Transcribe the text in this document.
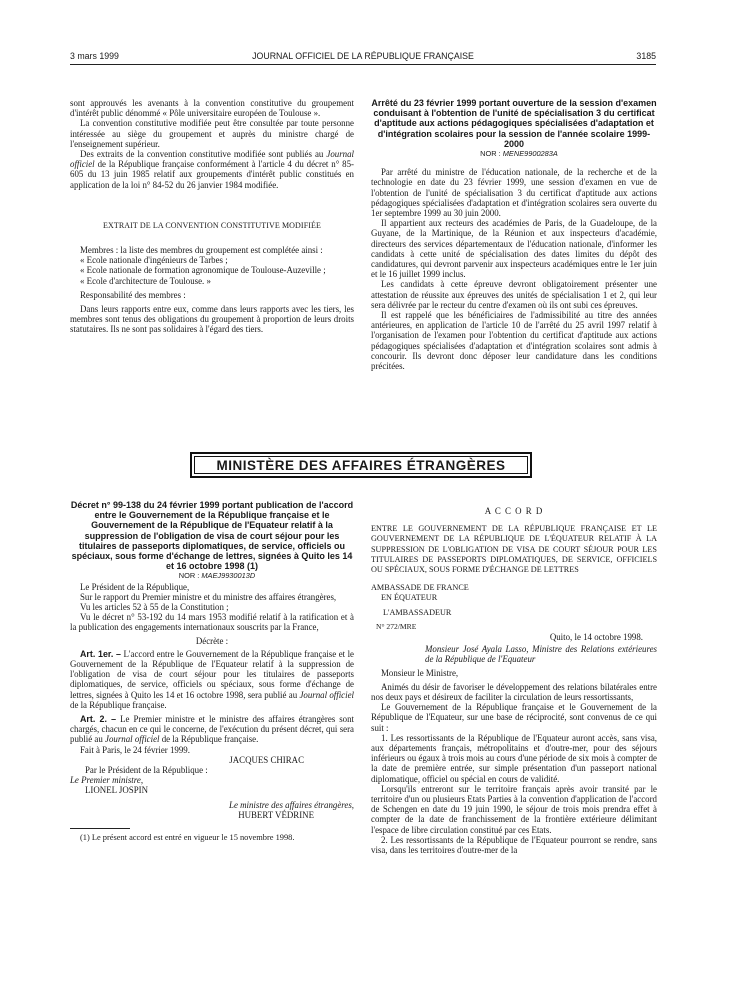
3 mars 1999	JOURNAL OFFICIEL DE LA RÉPUBLIQUE FRANÇAISE	3185

sont approuvés les avenants à la convention constitutive du groupement d'intérêt public dénommé « Pôle universitaire européen de Toulouse ».

La convention constitutive modifiée peut être consultée par toute personne intéressée au siège du groupement et auprès du ministre chargé de l'enseignement supérieur.

Des extraits de la convention constitutive modifiée sont publiés au Journal officiel de la République française conformément à l'article 4 du décret n° 85-605 du 13 juin 1985 relatif aux groupements d'intérêt public constitués en application de la loi n° 84-52 du 26 janvier 1984 modifiée.

EXTRAIT DE LA CONVENTION CONSTITUTIVE MODIFIÉE

Membres : la liste des membres du groupement est complétée ainsi :

« Ecole nationale d'ingénieurs de Tarbes ;

« Ecole nationale de formation agronomique de Toulouse-Auzeville ;

« Ecole d'architecture de Toulouse. »

Responsabilité des membres :

Dans leurs rapports entre eux, comme dans leurs rapports avec les tiers, les membres sont tenus des obligations du groupement à proportion de leurs droits statutaires. Ils ne sont pas solidaires à l'égard des tiers.

Arrêté du 23 février 1999 portant ouverture de la session d'examen conduisant à l'obtention de l'unité de spécialisation 3 du certificat d'aptitude aux actions pédagogiques spécialisées d'adaptation et d'intégration scolaires pour la session de l'année scolaire 1999-2000

NOR : MENE9900283A

Par arrêté du ministre de l'éducation nationale, de la recherche et de la technologie en date du 23 février 1999, une session d'examen en vue de l'obtention de l'unité de spécialisation 3 du certificat d'aptitude aux actions pédagogiques spécialisées d'adaptation et d'intégration scolaires sera ouverte du 1er septembre 1999 au 30 juin 2000.

Il appartient aux recteurs des académies de Paris, de la Guadeloupe, de la Guyane, de la Martinique, de la Réunion et aux inspecteurs d'académie, directeurs des services départementaux de l'éducation nationale, d'informer les candidats à cette unité de spécialisation des dates limites du dépôt des candidatures, qui devront parvenir aux inspecteurs académiques entre le 1er juin et le 16 juillet 1999 inclus.

Les candidats à cette épreuve devront obligatoirement présenter une attestation de réussite aux épreuves des unités de spécialisation 1 et 2, qui leur sera délivrée par le recteur du centre d'examen où ils ont subi ces épreuves.

Il est rappelé que les bénéficiaires de l'admissibilité au titre des années antérieures, en application de l'article 10 de l'arrêté du 25 avril 1997 relatif à l'organisation de l'examen pour l'obtention du certificat d'aptitude aux actions pédagogiques spécialisées d'adaptation et d'intégration scolaires sont admis à concourir. Ils devront donc déposer leur candidature dans les conditions précitées.

MINISTÈRE DES AFFAIRES ÉTRANGÈRES

Décret n° 99-138 du 24 février 1999 portant publication de l'accord entre le Gouvernement de la République française et le Gouvernement de la République de l'Equateur relatif à la suppression de l'obligation de visa de court séjour pour les titulaires de passeports diplomatiques, de service, officiels ou spéciaux, sous forme d'échange de lettres, signées à Quito les 14 et 16 octobre 1998 (1)

NOR : MAEJ9930013D

Le Président de la République,

Sur le rapport du Premier ministre et du ministre des affaires étrangères,

Vu les articles 52 à 55 de la Constitution ;

Vu le décret n° 53-192 du 14 mars 1953 modifié relatif à la ratification et à la publication des engagements internationaux souscrits par la France,

Décrète :

Art. 1er. – L'accord entre le Gouvernement de la République française et le Gouvernement de la République de l'Equateur relatif à la suppression de l'obligation de visa de court séjour pour les titulaires de passeports diplomatiques, de service, officiels ou spéciaux, sous forme d'échange de lettres, signées à Quito les 14 et 16 octobre 1998, sera publié au Journal officiel de la République française.

Art. 2. – Le Premier ministre et le ministre des affaires étrangères sont chargés, chacun en ce qui le concerne, de l'exécution du présent décret, qui sera publié au Journal officiel de la République française.

Fait à Paris, le 24 février 1999.

JACQUES CHIRAC

Par le Président de la République :

Le Premier ministre,

LIONEL JOSPIN

Le ministre des affaires étrangères,

HUBERT VÉDRINE

(1) Le présent accord est entré en vigueur le 15 novembre 1998.

A C C O R D

ENTRE LE GOUVERNEMENT DE LA RÉPUBLIQUE FRANÇAISE ET LE GOUVERNEMENT DE LA RÉPUBLIQUE DE L'ÉQUATEUR RELATIF À LA SUPPRESSION DE L'OBLIGATION DE VISA DE COURT SÉJOUR POUR LES TITULAIRES DE PASSEPORTS DIPLOMATIQUES, DE SERVICE, OFFICIELS OU SPÉCIAUX, SOUS FORME D'ÉCHANGE DE LETTRES

AMBASSADE DE FRANCE

EN ÉQUATEUR

L'AMBASSADEUR

N° 272/MRE

Quito, le 14 octobre 1998.

Monsieur José Ayala Lasso, Ministre des Relations extérieures de la République de l'Equateur

Monsieur le Ministre,

Animés du désir de favoriser le développement des relations bilatérales entre nos deux pays et désireux de faciliter la circulation de leurs ressortissants,

Le Gouvernement de la République française et le Gouvernement de la République de l'Equateur, sur une base de réciprocité, sont convenus de ce qui suit :

1. Les ressortissants de la République de l'Equateur auront accès, sans visa, aux départements français, métropolitains et d'outre-mer, pour des séjours inférieurs ou égaux à trois mois au cours d'une période de six mois à compter de la date de première entrée, sur simple présentation d'un passeport national diplomatique, officiel ou spécial en cours de validité.

Lorsqu'ils entreront sur le territoire français après avoir transité par le territoire d'un ou plusieurs Etats Parties à la convention d'application de l'accord de Schengen en date du 19 juin 1990, le séjour de trois mois prendra effet à compter de la date de franchissement de la frontière extérieure délimitant l'espace de libre circulation constitué par ces Etats.

2. Les ressortissants de la République de l'Equateur pourront se rendre, sans visa, dans les territoires d'outre-mer de la
